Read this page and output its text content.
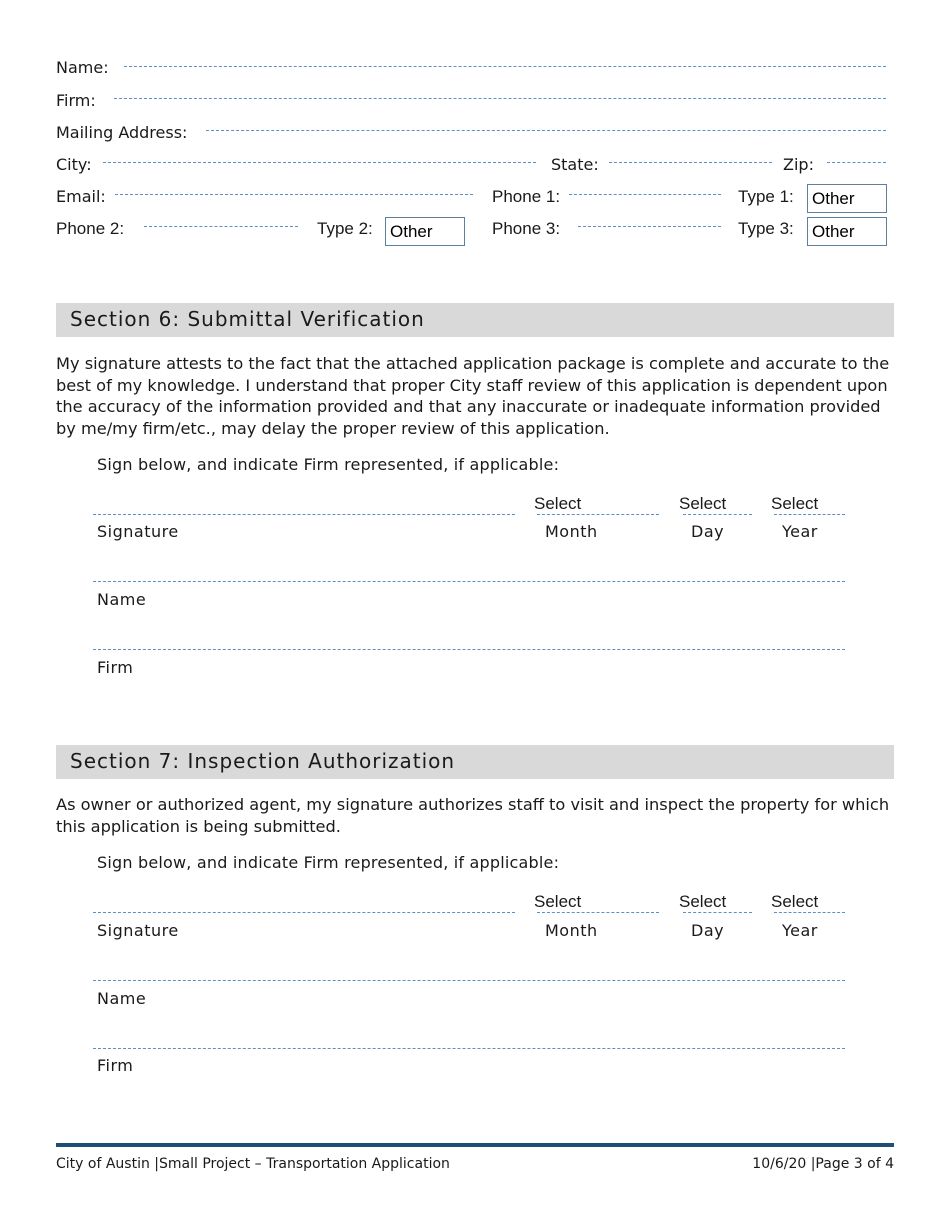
Name:
Firm:
Mailing Address:
City:	State:	Zip:
Email:	Phone 1:	Type 1: Other
Phone 2:	Type 2: Other	Phone 3:	Type 3: Other
Section 6: Submittal Verification
My signature attests to the fact that the attached application package is complete and accurate to the best of my knowledge. I understand that proper City staff review of this application is dependent upon the accuracy of the information provided and that any inaccurate or inadequate information provided by me/my firm/etc., may delay the proper review of this application.
Sign below, and indicate Firm represented, if applicable:
Select	Select	Select
Signature	Month	Day	Year
Name
Firm
Section 7: Inspection Authorization
As owner or authorized agent, my signature authorizes staff to visit and inspect the property for which this application is being submitted.
Sign below, and indicate Firm represented, if applicable:
Select	Select	Select
Signature	Month	Day	Year
Name
Firm
City of Austin |Small Project – Transportation Application	10/6/20 |Page 3 of 4
